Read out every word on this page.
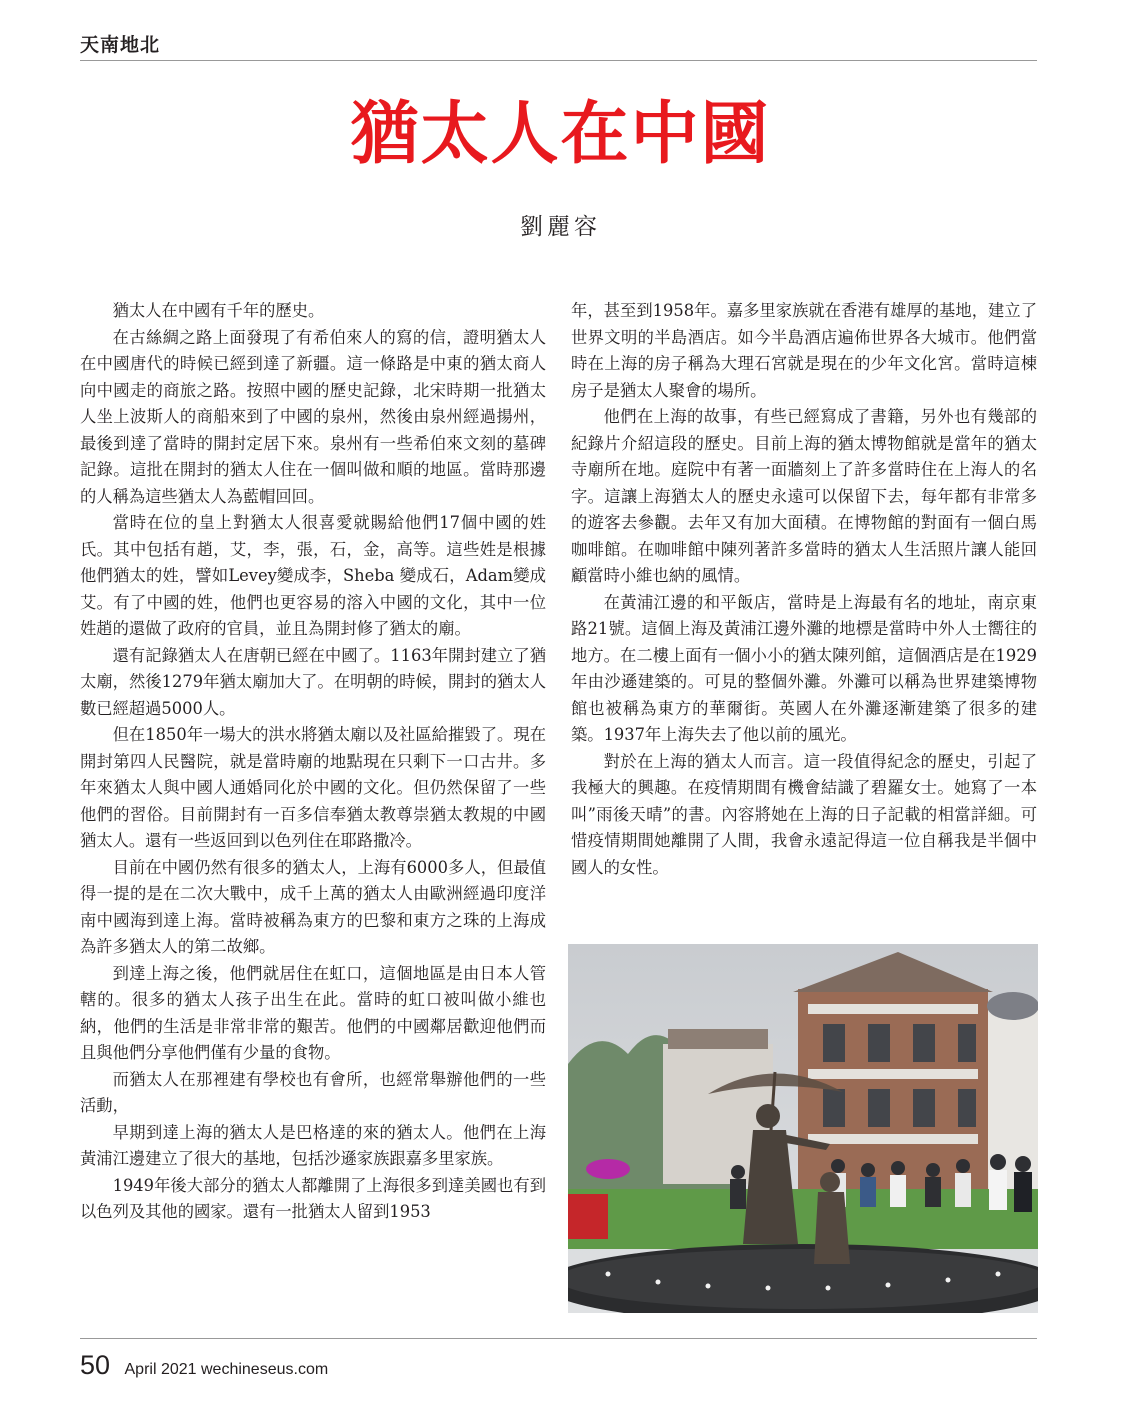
天南地北
猶太人在中國
劉麗容

猶太人在中國有千年的歷史。

在古絲綢之路上面發現了有希伯來人的寫的信，證明猶太人在中國唐代的時候已經到達了新疆。這一條路是中東的猶太商人向中國走的商旅之路。按照中國的歷史記錄，北宋時期一批猶太人坐上波斯人的商船來到了中國的泉州，然後由泉州經過揚州，最後到達了當時的開封定居下來。泉州有一些希伯來文刻的墓碑記錄。這批在開封的猶太人住在一個叫做和順的地區。當時那邊的人稱為這些猶太人為藍帽回回。

當時在位的皇上對猶太人很喜愛就賜給他們17個中國的姓氏。其中包括有趙，艾，李，張，石，金，高等。這些姓是根據他們猶太的姓，譬如Levey變成李，Sheba 變成石，Adam變成艾。有了中國的姓，他們也更容易的溶入中國的文化，其中一位姓趙的還做了政府的官員，並且為開封修了猶太的廟。

還有記錄猶太人在唐朝已經在中國了。1163年開封建立了猶太廟，然後1279年猶太廟加大了。在明朝的時候，開封的猶太人數已經超過5000人。

但在1850年一場大的洪水將猶太廟以及社區給摧毀了。現在開封第四人民醫院，就是當時廟的地點現在只剩下一口古井。多年來猶太人與中國人通婚同化於中國的文化。但仍然保留了一些他們的習俗。目前開封有一百多信奉猶太教尊崇猶太教規的中國猶太人。還有一些返回到以色列住在耶路撒冷。

目前在中國仍然有很多的猶太人，上海有6000多人，但最值得一提的是在二次大戰中，成千上萬的猶太人由歐洲經過印度洋南中國海到達上海。當時被稱為東方的巴黎和東方之珠的上海成為許多猶太人的第二故鄉。

到達上海之後，他們就居住在虹口，這個地區是由日本人管轄的。很多的猶太人孩子出生在此。當時的虹口被叫做小維也納，他們的生活是非常非常的艱苦。他們的中國鄰居歡迎他們而且與他們分享他們僅有少量的食物。

而猶太人在那裡建有學校也有會所，也經常舉辦他們的一些活動，

早期到達上海的猶太人是巴格達的來的猶太人。他們在上海黃浦江邊建立了很大的基地，包括沙遜家族跟嘉多里家族。

1949年後大部分的猶太人都離開了上海很多到達美國也有到以色列及其他的國家。還有一批猶太人留到1953

年，甚至到1958年。嘉多里家族就在香港有雄厚的基地，建立了世界文明的半島酒店。如今半島酒店遍佈世界各大城市。他們當時在上海的房子稱為大理石宮就是現在的少年文化宮。當時這棟房子是猶太人聚會的場所。

他們在上海的故事，有些已經寫成了書籍，另外也有幾部的紀錄片介紹這段的歷史。目前上海的猶太博物館就是當年的猶太寺廟所在地。庭院中有著一面牆刻上了許多當時住在上海人的名字。這讓上海猶太人的歷史永遠可以保留下去，每年都有非常多的遊客去參觀。去年又有加大面積。在博物館的對面有一個白馬咖啡館。在咖啡館中陳列著許多當時的猶太人生活照片讓人能回顧當時小維也納的風情。

在黃浦江邊的和平飯店，當時是上海最有名的地址，南京東路21號。這個上海及黃浦江邊外灘的地標是當時中外人士嚮往的地方。在二樓上面有一個小小的猶太陳列館，這個酒店是在1929年由沙遜建築的。可見的整個外灘。外灘可以稱為世界建築博物館也被稱為東方的華爾街。英國人在外灘逐漸建築了很多的建築。1937年上海失去了他以前的風光。

對於在上海的猶太人而言。這一段值得紀念的歷史，引起了我極大的興趣。在疫情期間有機會結識了碧羅女士。她寫了一本叫”雨後天晴”的書。內容將她在上海的日子記載的相當詳細。可惜疫情期間她離開了人間，我會永遠記得這一位自稱我是半個中國人的女性。

50 April 2021 wechineseus.com
